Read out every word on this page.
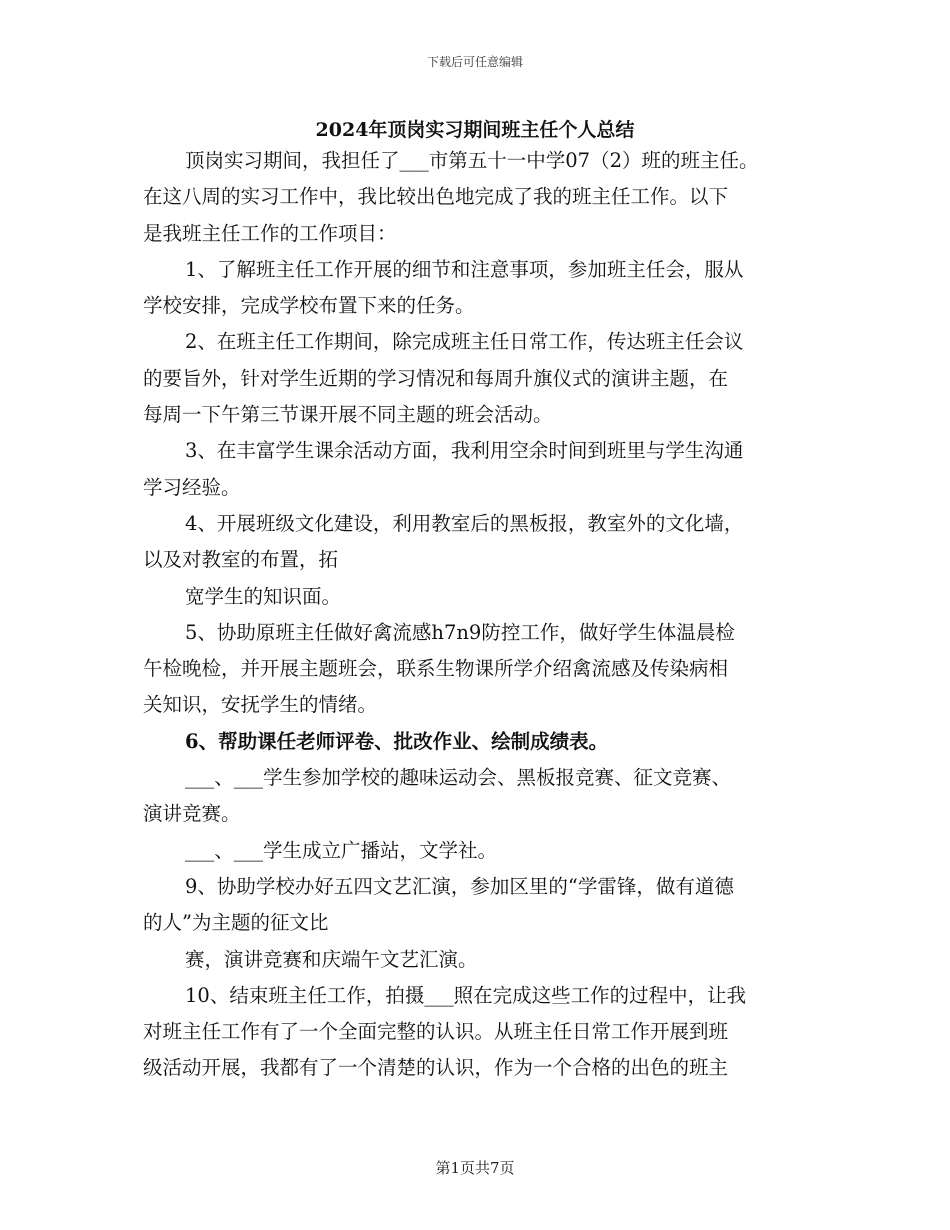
下载后可任意编辑
2024年顶岗实习期间班主任个人总结
顶岗实习期间，我担任了___市第五十一中学07（2）班的班主任。
在这八周的实习工作中，我比较出色地完成了我的班主任工作。以下
是我班主任工作的工作项目：
1、了解班主任工作开展的细节和注意事项，参加班主任会，服从
学校安排，完成学校布置下来的任务。
2、在班主任工作期间，除完成班主任日常工作，传达班主任会议
的要旨外，针对学生近期的学习情况和每周升旗仪式的演讲主题，在
每周一下午第三节课开展不同主题的班会活动。
3、在丰富学生课余活动方面，我利用空余时间到班里与学生沟通
学习经验。
4、开展班级文化建设，利用教室后的黑板报，教室外的文化墙，
以及对教室的布置，拓
宽学生的知识面。
5、协助原班主任做好禽流感h7n9防控工作，做好学生体温晨检
午检晚检，并开展主题班会，联系生物课所学介绍禽流感及传染病相
关知识，安抚学生的情绪。
6、帮助课任老师评卷、批改作业、绘制成绩表。
___、___学生参加学校的趣味运动会、黑板报竞赛、征文竞赛、
演讲竞赛。
___、___学生成立广播站，文学社。
9、协助学校办好五四文艺汇演，参加区里的“学雷锋，做有道德
的人”为主题的征文比
赛，演讲竞赛和庆端午文艺汇演。
10、结束班主任工作，拍摄___照在完成这些工作的过程中，让我
对班主任工作有了一个全面完整的认识。从班主任日常工作开展到班
级活动开展，我都有了一个清楚的认识，作为一个合格的出色的班主
第1页共7页
